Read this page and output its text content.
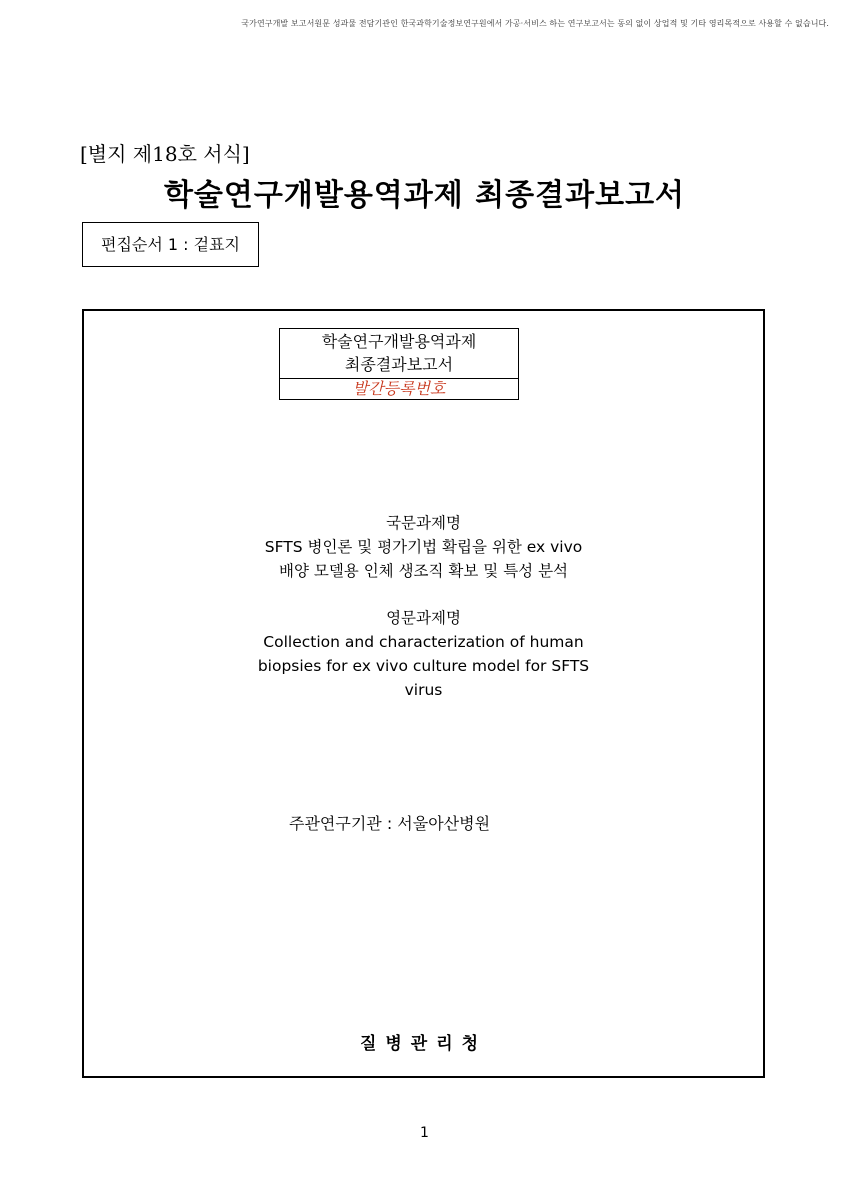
국가연구개발 보고서원문 성과물 전담기관인 한국과학기술정보연구원에서 가공·서비스 하는 연구보고서는 동의 없이 상업적 및 기타 영리목적으로 사용할 수 없습니다.
[별지 제18호 서식]
학술연구개발용역과제 최종결과보고서
편집순서 1 : 겉표지
학술연구개발용역과제
최종결과보고서
발간등록번호
국문과제명
SFTS 병인론 및 평가기법 확립을 위한 ex vivo
배양 모델용 인체 생조직 확보 및 특성 분석
영문과제명
Collection and characterization of human biopsies for ex vivo culture model for SFTS virus
주관연구기관 : 서울아산병원
질병관리청
1
